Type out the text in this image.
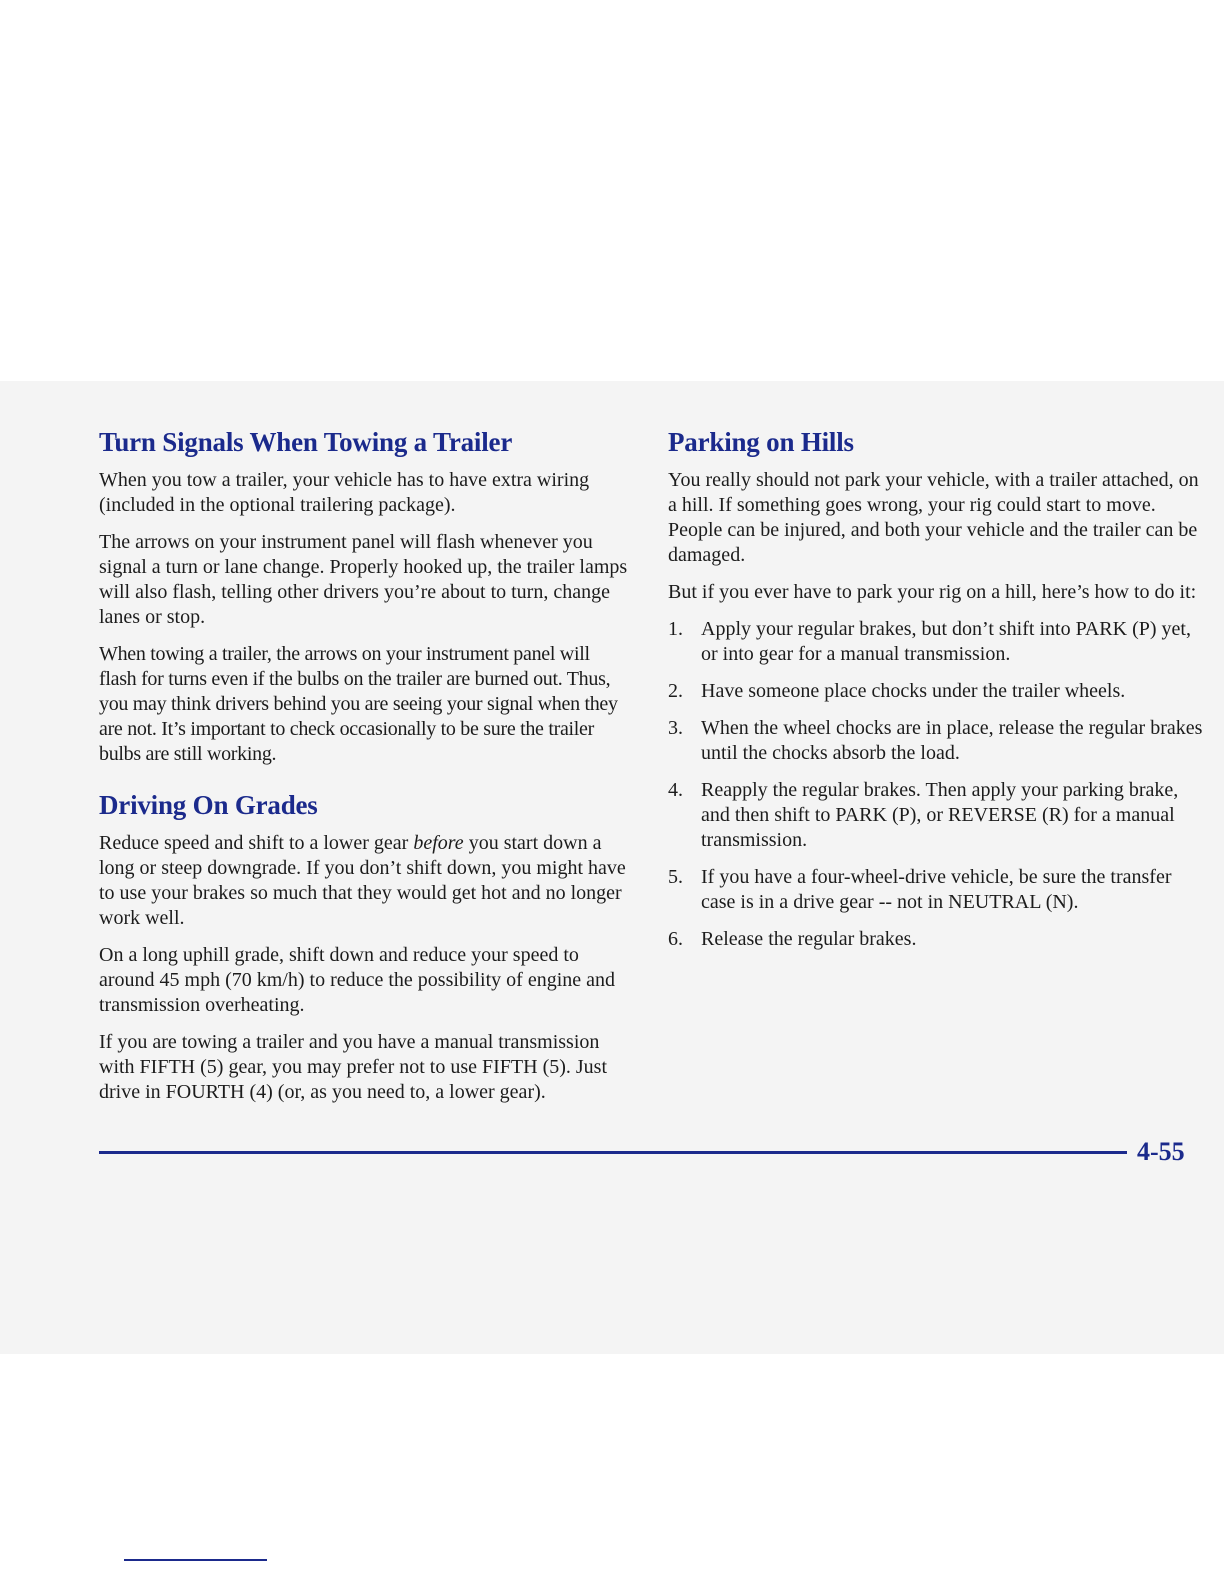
Turn Signals When Towing a Trailer

When you tow a trailer, your vehicle has to have extra wiring (included in the optional trailering package).

The arrows on your instrument panel will flash whenever you signal a turn or lane change. Properly hooked up, the trailer lamps will also flash, telling other drivers you’re about to turn, change lanes or stop.

When towing a trailer, the arrows on your instrument panel will flash for turns even if the bulbs on the trailer are burned out. Thus, you may think drivers behind you are seeing your signal when they are not. It’s important to check occasionally to be sure the trailer bulbs are still working.

Driving On Grades

Reduce speed and shift to a lower gear before you start down a long or steep downgrade. If you don’t shift down, you might have to use your brakes so much that they would get hot and no longer work well.

On a long uphill grade, shift down and reduce your speed to around 45 mph (70 km/h) to reduce the possibility of engine and transmission overheating.

If you are towing a trailer and you have a manual transmission with FIFTH (5) gear, you may prefer not to use FIFTH (5). Just drive in FOURTH (4) (or, as you need to, a lower gear).

Parking on Hills

You really should not park your vehicle, with a trailer attached, on a hill. If something goes wrong, your rig could start to move. People can be injured, and both your vehicle and the trailer can be damaged.

But if you ever have to park your rig on a hill, here’s how to do it:

1. Apply your regular brakes, but don’t shift into PARK (P) yet, or into gear for a manual transmission.
2. Have someone place chocks under the trailer wheels.
3. When the wheel chocks are in place, release the regular brakes until the chocks absorb the load.
4. Reapply the regular brakes. Then apply your parking brake, and then shift to PARK (P), or REVERSE (R) for a manual transmission.
5. If you have a four-wheel-drive vehicle, be sure the transfer case is in a drive gear -- not in NEUTRAL (N).
6. Release the regular brakes.
4-55
